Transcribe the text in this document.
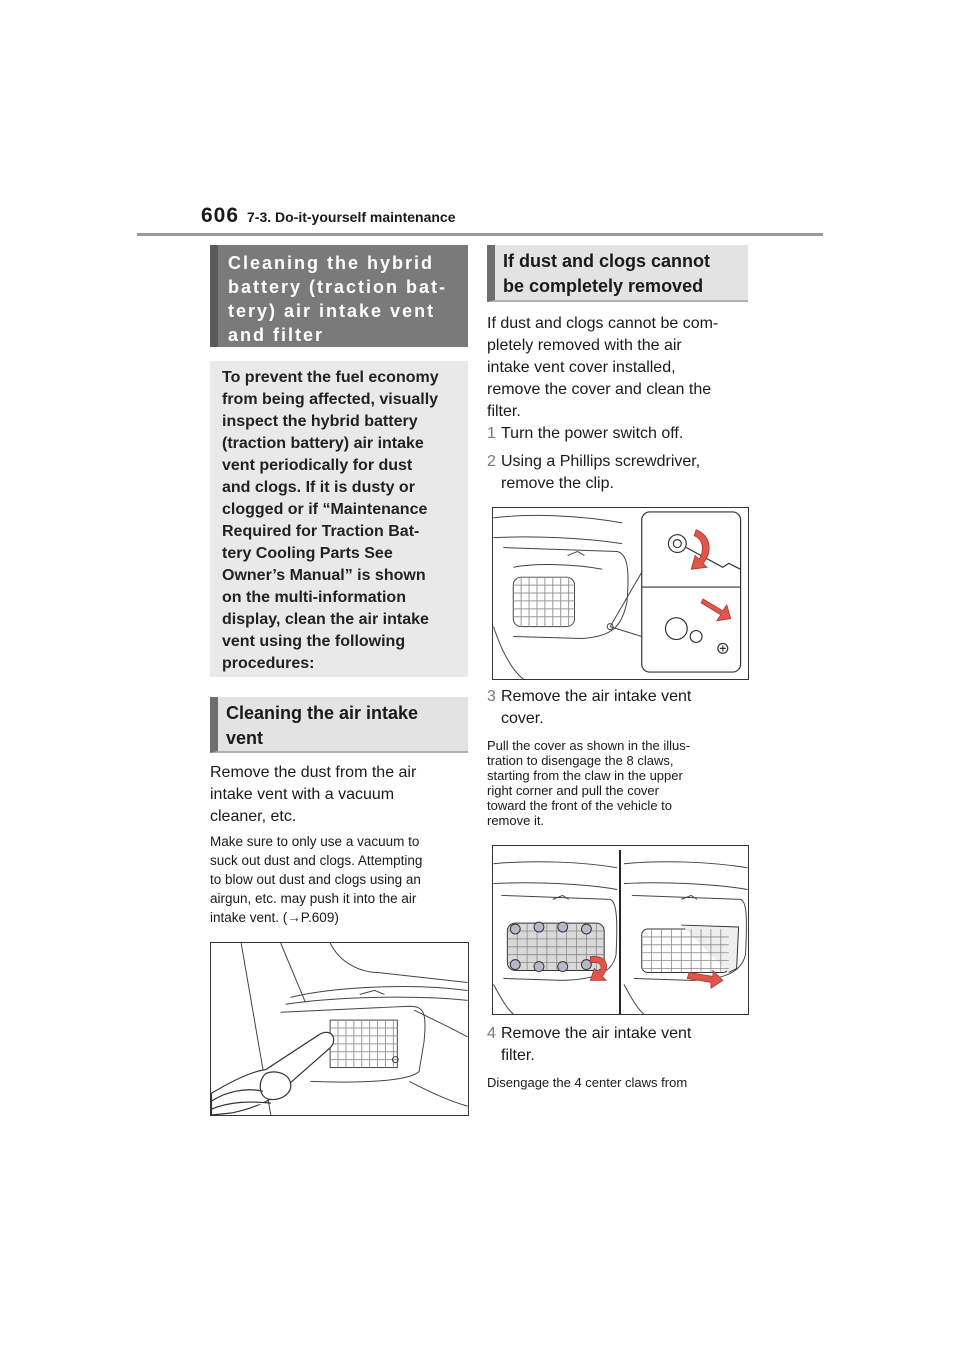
606 7-3. Do-it-yourself maintenance
Cleaning the hybrid
battery (traction bat-
tery) air intake vent
and filter
To prevent the fuel economy
from being affected, visually
inspect the hybrid battery
(traction battery) air intake
vent periodically for dust
and clogs. If it is dusty or
clogged or if “Maintenance
Required for Traction Bat-
tery Cooling Parts See
Owner’s Manual” is shown
on the multi-information
display, clean the air intake
vent using the following
procedures:
Cleaning the air intake
vent
Remove the dust from the air
intake vent with a vacuum
cleaner, etc.
Make sure to only use a vacuum to
suck out dust and clogs. Attempting
to blow out dust and clogs using an
airgun, etc. may push it into the air
intake vent. (→P.609)
If dust and clogs cannot
be completely removed
If dust and clogs cannot be com-
pletely removed with the air
intake vent cover installed,
remove the cover and clean the
filter.
1 Turn the power switch off.
2 Using a Phillips screwdriver,
remove the clip.
3 Remove the air intake vent
cover.
Pull the cover as shown in the illus-
tration to disengage the 8 claws,
starting from the claw in the upper
right corner and pull the cover
toward the front of the vehicle to
remove it.
4 Remove the air intake vent
filter.
Disengage the 4 center claws from
